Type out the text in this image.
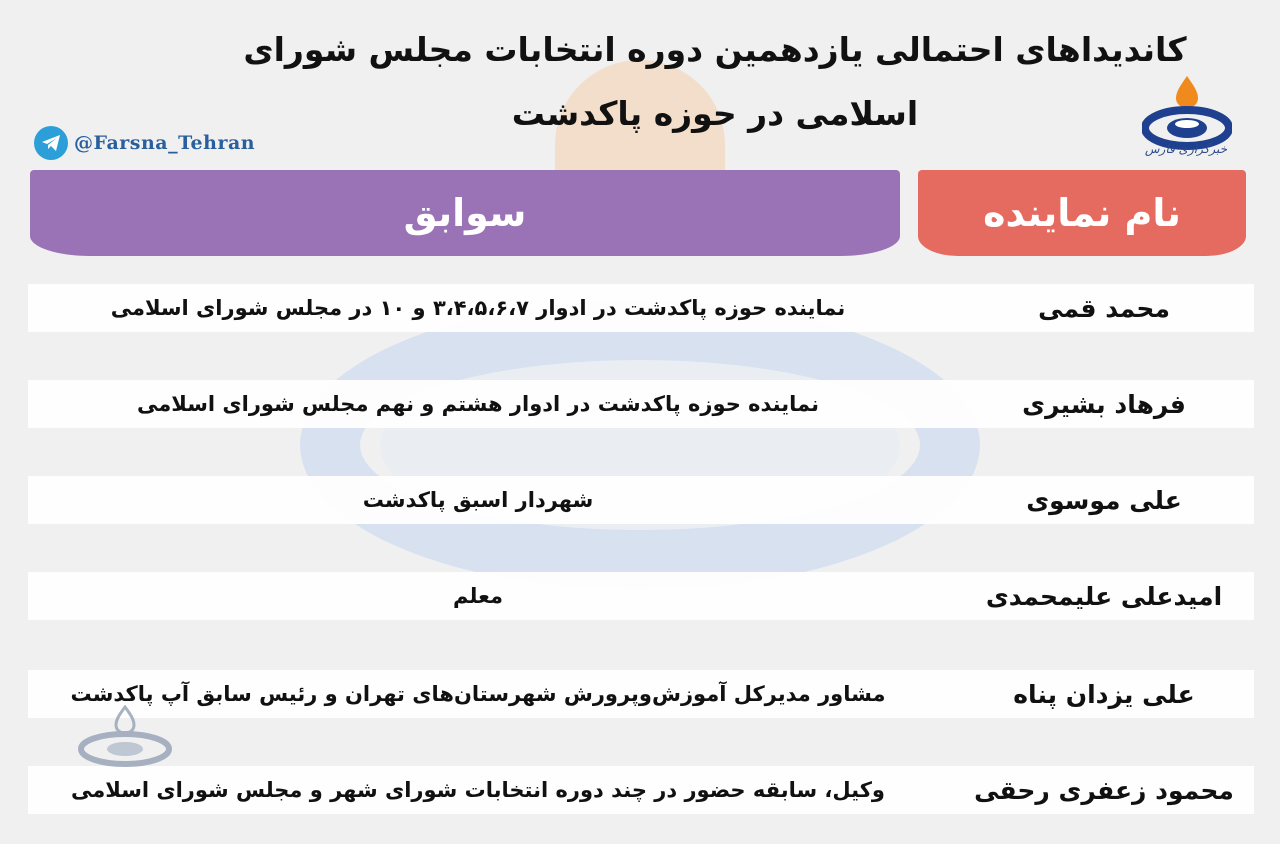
کاندیداهای احتمالی یازدهمین دوره انتخابات مجلس شورای اسلامی در حوزه پاکدشت
خبرگزاری فارس
@Farsna_Tehran
سوابق	نام نماینده
محمد قمی
نماینده حوزه پاکدشت در ادوار ۳،۴،۵،۶،۷ و ۱۰ در مجلس شورای اسلامی
فرهاد بشیری
نماینده حوزه پاکدشت در ادوار هشتم و نهم مجلس شورای اسلامی
علی موسوی
شهردار اسبق پاکدشت
امیدعلی علیمحمدی
معلم
علی یزدان پناه
مشاور مدیرکل آموزش‌وپرورش شهرستان‌های تهران و رئیس سابق آپ پاکدشت
محمود زعفری رحقی
وکیل، سابقه حضور در چند دوره انتخابات شورای شهر و مجلس شورای اسلامی
